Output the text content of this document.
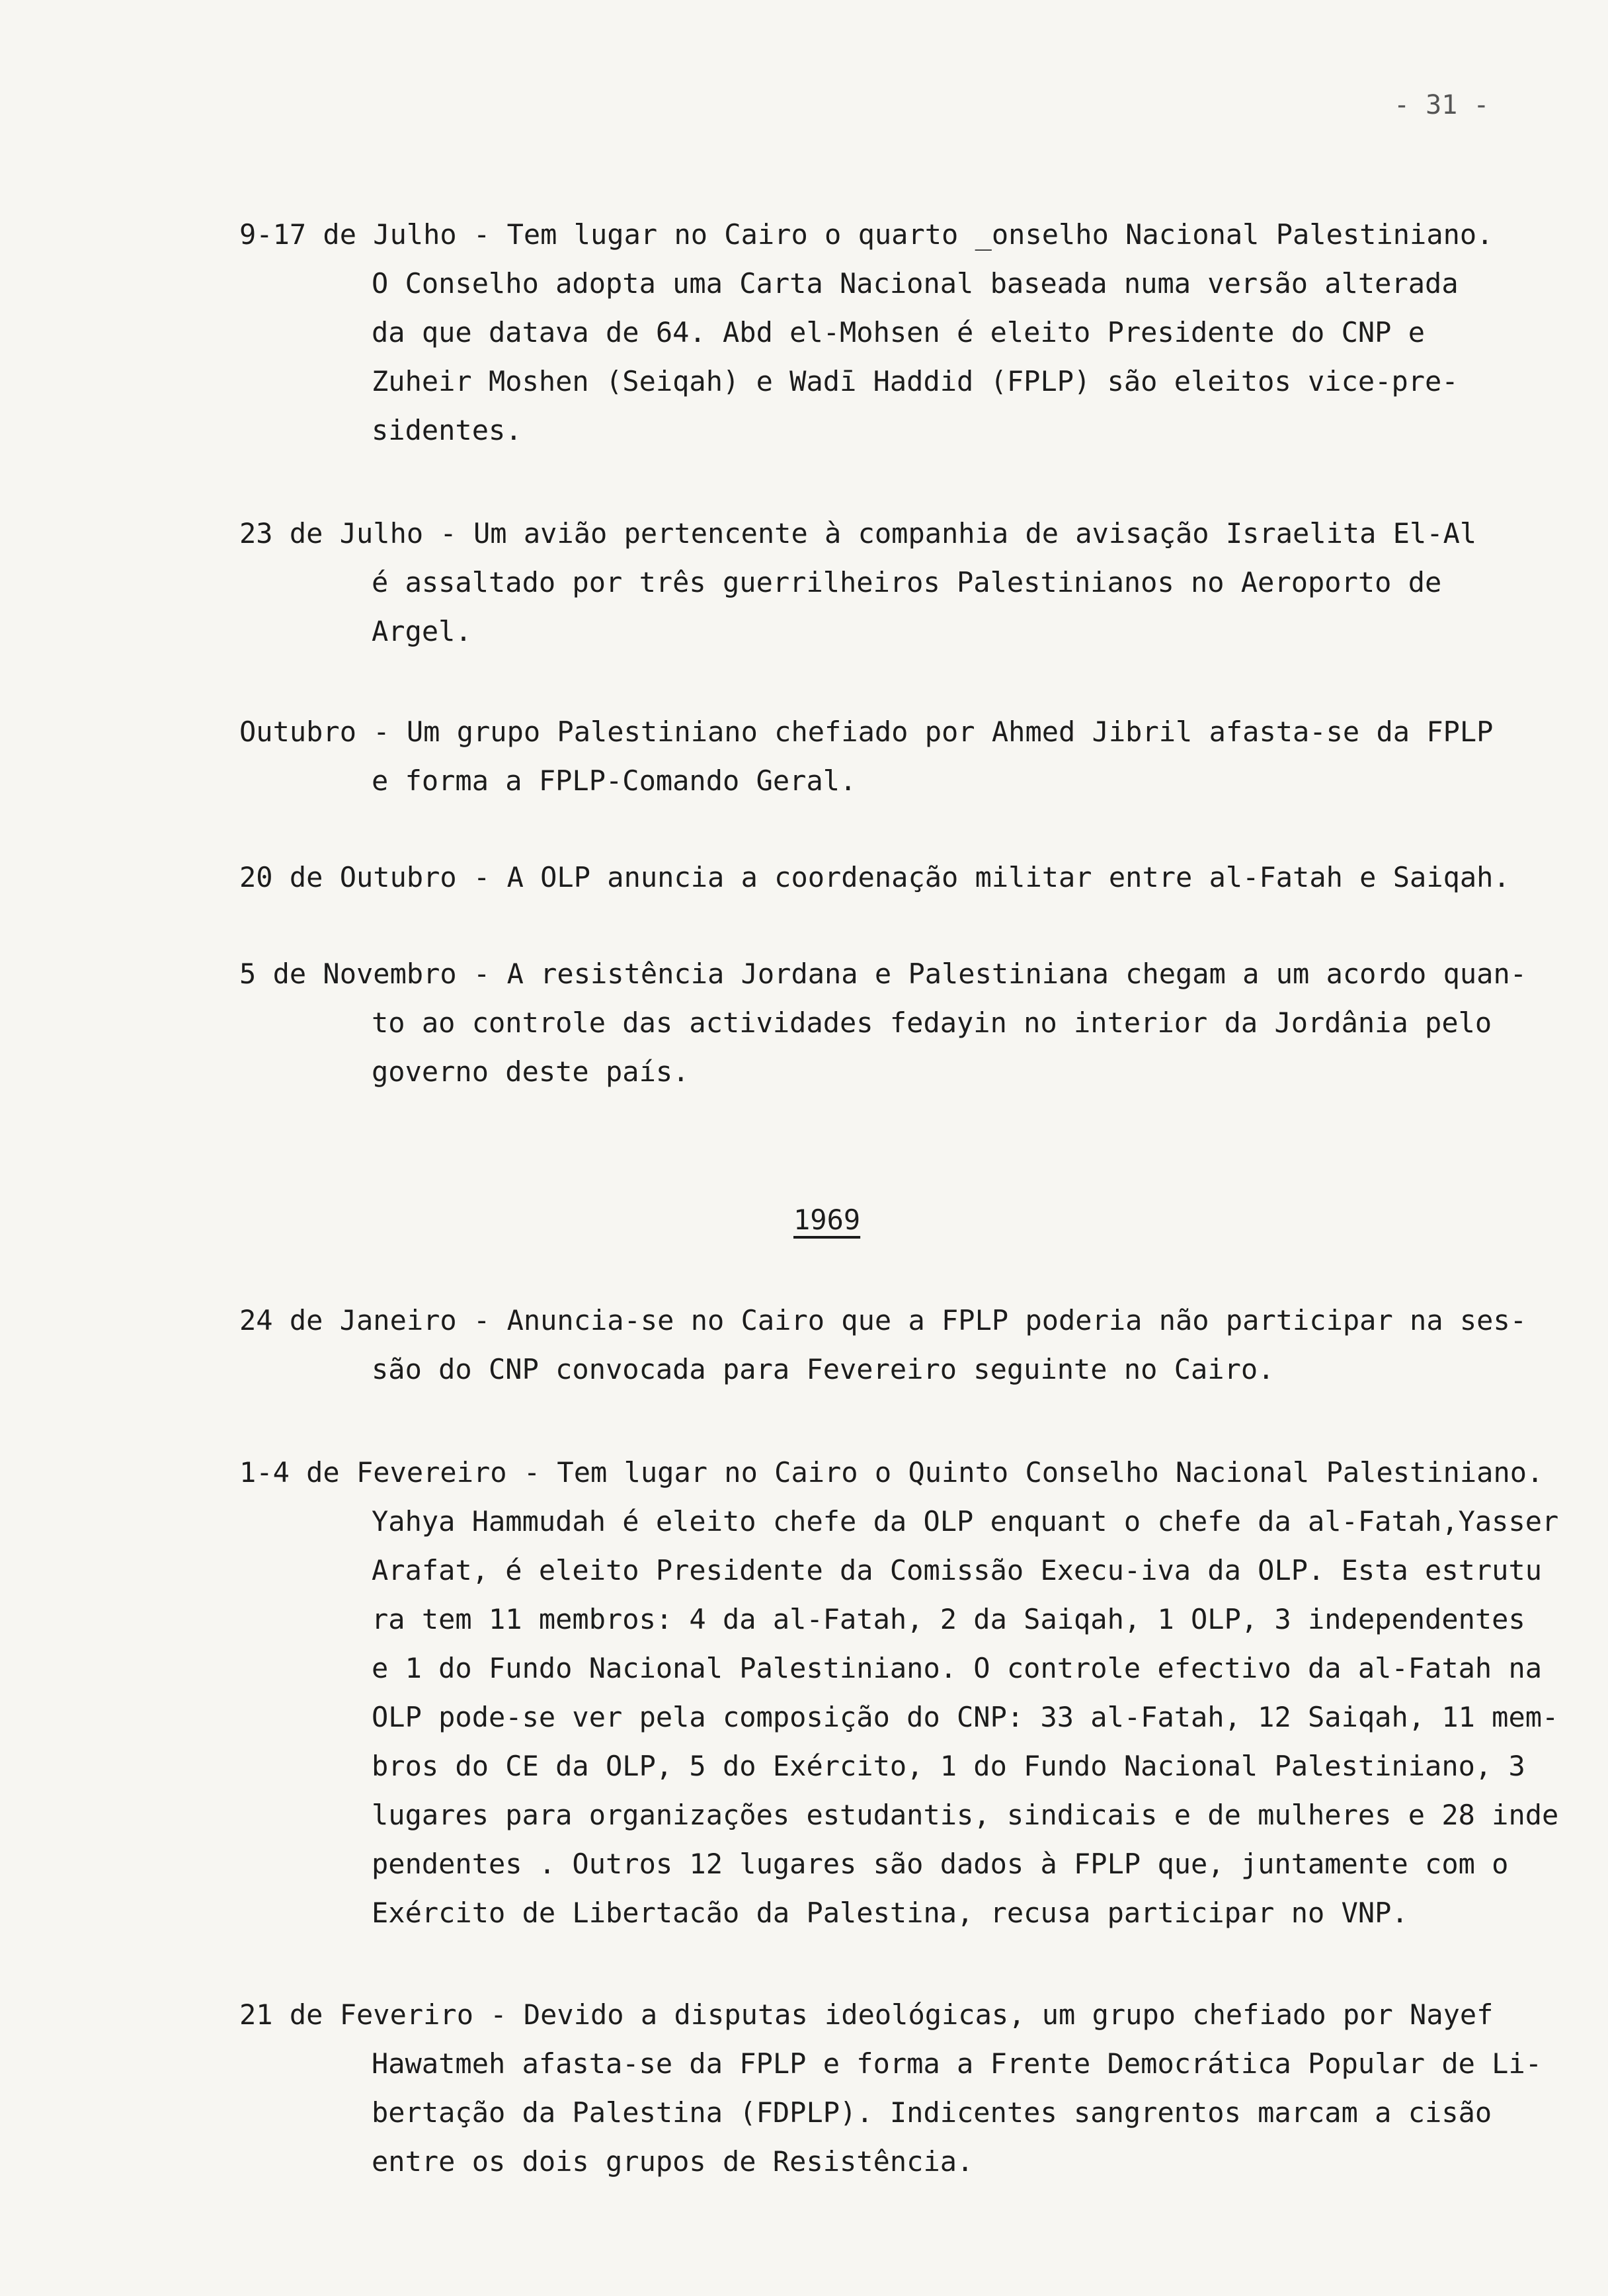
- 31 -
9-17 de Julho - Tem lugar no Cairo o quarto _onselho Nacional Palestiniano.
O Conselho adopta uma Carta Nacional baseada numa versão alterada
da que datava de 64. Abd el-Mohsen é eleito Presidente do CNP e
Zuheir Moshen (Seiqah) e Wadī Haddid (FPLP) são eleitos vice-pre-
sidentes.
23 de Julho - Um avião pertencente à companhia de avisação Israelita El-Al
é assaltado por três guerrilheiros Palestinianos no Aeroporto de
Argel.
Outubro - Um grupo Palestiniano chefiado por Ahmed Jibril afasta-se da FPLP
e forma a FPLP-Comando Geral.
20 de Outubro - A OLP anuncia a coordenação militar entre al-Fatah e Saiqah.
5 de Novembro - A resistência Jordana e Palestiniana chegam a um acordo quan-
to ao controle das actividades fedayin no interior da Jordânia pelo
governo deste país.
1969
24 de Janeiro - Anuncia-se no Cairo que a FPLP poderia não participar na ses-
são do CNP convocada para Fevereiro seguinte no Cairo.
1-4 de Fevereiro - Tem lugar no Cairo o Quinto Conselho Nacional Palestiniano.
Yahya Hammudah é eleito chefe da OLP enquant o chefe da al-Fatah,Yasser
Arafat, é eleito Presidente da Comissão Execu-iva da OLP. Esta estrutu
ra tem 11 membros: 4 da al-Fatah, 2 da Saiqah, 1 OLP, 3 independentes
e 1 do Fundo Nacional Palestiniano. O controle efectivo da al-Fatah na
OLP pode-se ver pela composição do CNP: 33 al-Fatah, 12 Saiqah, 11 mem-
bros do CE da OLP, 5 do Exército, 1 do Fundo Nacional Palestiniano, 3
lugares para organizações estudantis, sindicais e de mulheres e 28 inde
pendentes . Outros 12 lugares são dados à FPLP que, juntamente com o
Exército de Libertacão da Palestina, recusa participar no VNP.
21 de Feveriro - Devido a disputas ideológicas, um grupo chefiado por Nayef
Hawatmeh afasta-se da FPLP e forma a Frente Democrática Popular de Li-
bertação da Palestina (FDPLP). Indicentes sangrentos marcam a cisão
entre os dois grupos de Resistência.
